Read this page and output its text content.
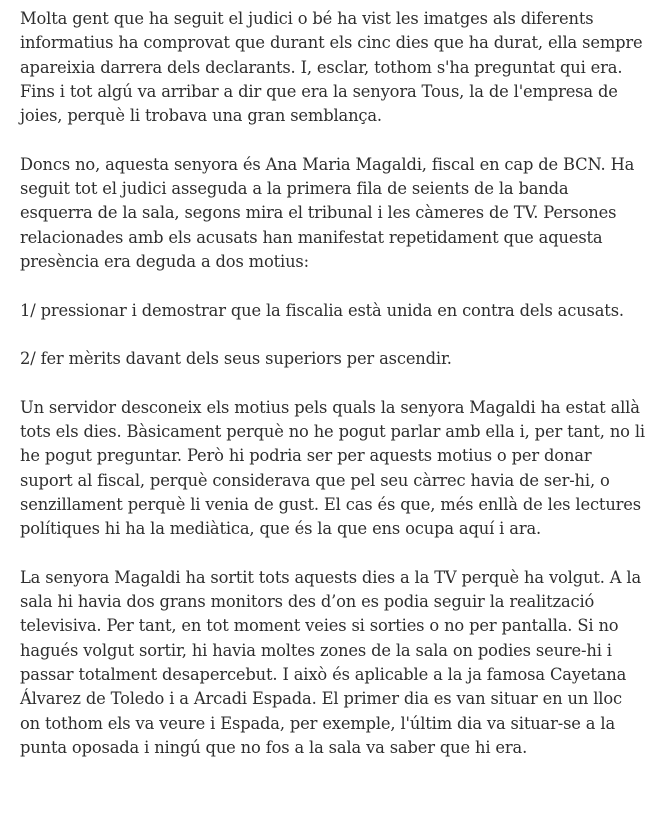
Molta gent que ha seguit el judici o bé ha vist les imatges als diferents informatius ha comprovat que durant els cinc dies que ha durat, ella sempre apareixia darrera dels declarants. I, esclar, tothom s'ha preguntat qui era. Fins i tot algú va arribar a dir que era la senyora Tous, la de l'empresa de joies, perquè li trobava una gran semblança.

Doncs no, aquesta senyora és Ana Maria Magaldi, fiscal en cap de BCN. Ha seguit tot el judici asseguda a la primera fila de seients de la banda esquerra de la sala, segons mira el tribunal i les càmeres de TV. Persones relacionades amb els acusats han manifestat repetidament que aquesta presència era deguda a dos motius:

1/ pressionar i demostrar que la fiscalia està unida en contra dels acusats.

2/ fer mèrits davant dels seus superiors per ascendir.

Un servidor desconeix els motius pels quals la senyora Magaldi ha estat allà tots els dies. Bàsicament perquè no he pogut parlar amb ella i, per tant, no li he pogut preguntar. Però hi podria ser per aquests motius o per donar suport al fiscal, perquè considerava que pel seu càrrec havia de ser-hi, o senzillament perquè li venia de gust. El cas és que, més enllà de les lectures polítiques hi ha la mediàtica, que és la que ens ocupa aquí i ara.

La senyora Magaldi ha sortit tots aquests dies a la TV perquè ha volgut. A la sala hi havia dos grans monitors des d’on es podia seguir la realització televisiva. Per tant, en tot moment veies si sorties o no per pantalla. Si no hagués volgut sortir, hi havia moltes zones de la sala on podies seure-hi i passar totalment desapercebut. I això és aplicable a la ja famosa Cayetana Álvarez de Toledo i a Arcadi Espada. El primer dia es van situar en un lloc on tothom els va veure i Espada, per exemple, l'últim dia va situar-se a la punta oposada i ningú que no fos a la sala va saber que hi era.
